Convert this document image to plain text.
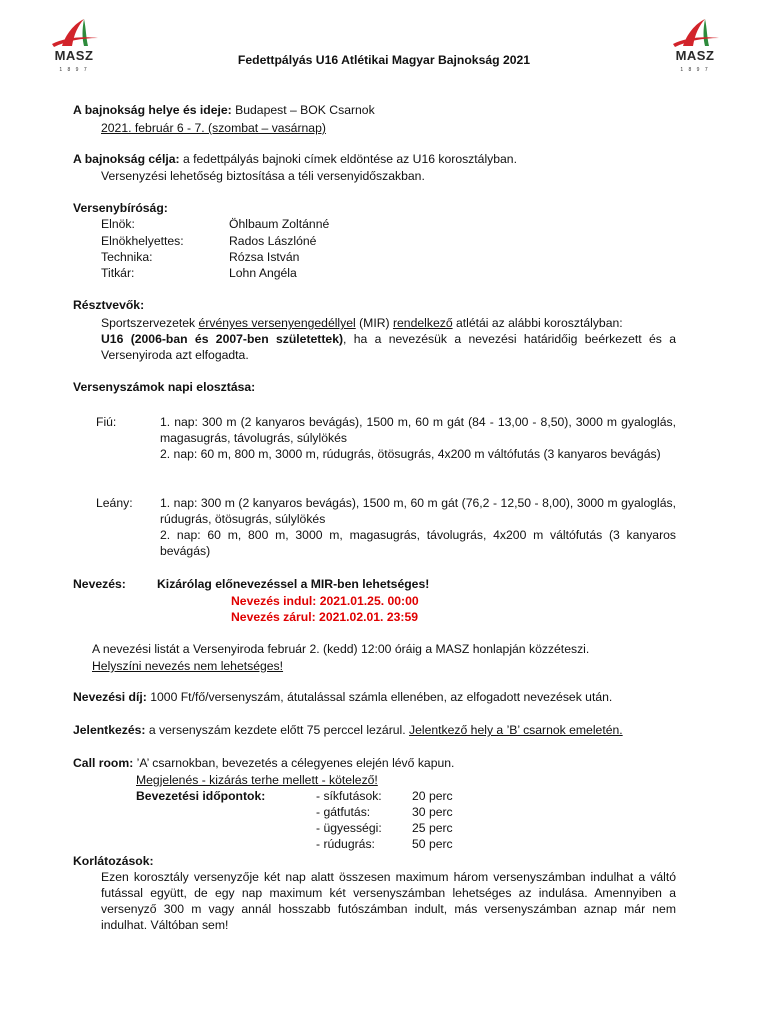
MASZ
1 8 9 7
MASZ
1 8 9 7
Fedettpályás U16 Atlétikai Magyar Bajnokság 2021
A bajnokság helye és ideje: Budapest – BOK Csarnok
2021. február 6 - 7. (szombat – vasárnap)
A bajnokság célja: a fedettpályás bajnoki címek eldöntése az U16 korosztályban.
Versenyzési lehetőség biztosítása a téli versenyidőszakban.
Versenybíróság:
Elnök:	Öhlbaum Zoltánné
Elnökhelyettes:	Rados Lászlóné
Technika:	Rózsa István
Titkár:	Lohn Angéla
Résztvevők:
Sportszervezetek érvényes versenyengedéllyel (MIR) rendelkező atlétái az alábbi korosztályban:
U16 (2006-ban és 2007-ben születettek), ha a nevezésük a nevezési határidőig beérkezett és a Versenyiroda azt elfogadta.
Versenyszámok napi elosztása:
Fiú:	1. nap: 300 m (2 kanyaros bevágás), 1500 m, 60 m gát (84 - 13,00 - 8,50), 3000 m gyaloglás, magasugrás, távolugrás, súlylökés
2. nap: 60 m, 800 m, 3000 m, rúdugrás, ötösugrás, 4x200 m váltófutás (3 kanyaros bevágás)
Leány: 1. nap: 300 m (2 kanyaros bevágás), 1500 m, 60 m gát (76,2 - 12,50 - 8,00), 3000 m gyaloglás, rúdugrás, ötösugrás, súlylökés
2. nap: 60 m, 800 m, 3000 m, magasugrás, távolugrás, 4x200 m váltófutás (3 kanyaros bevágás)
Nevezés:	Kizárólag előnevezéssel a MIR-ben lehetséges!
Nevezés indul: 2021.01.25. 00:00
Nevezés zárul: 2021.02.01. 23:59
A nevezési listát a Versenyiroda február 2. (kedd) 12:00 óráig a MASZ honlapján közzéteszi.
Helyszíni nevezés nem lehetséges!
Nevezési díj: 1000 Ft/fő/versenyszám, átutalással számla ellenében, az elfogadott nevezések után.
Jelentkezés: a versenyszám kezdete előtt 75 perccel lezárul. Jelentkező hely a ’B’ csarnok emeletén.
Call room: ’A’ csarnokban, bevezetés a célegyenes elején lévő kapun.
Megjelenés - kizárás terhe mellett - kötelező!
Bevezetési időpontok:	- síkfutások: 20 perc
- gátfutás:	30 perc
- ügyességi: 25 perc
- rúdugrás:	50 perc
Korlátozások:
Ezen korosztály versenyzője két nap alatt összesen maximum három versenyszámban indulhat a váltó futással együtt, de egy nap maximum két versenyszámban lehetséges az indulása. Amennyiben a versenyző 300 m vagy annál hosszabb futószámban indult, más versenyszámban aznap már nem indulhat. Váltóban sem!
